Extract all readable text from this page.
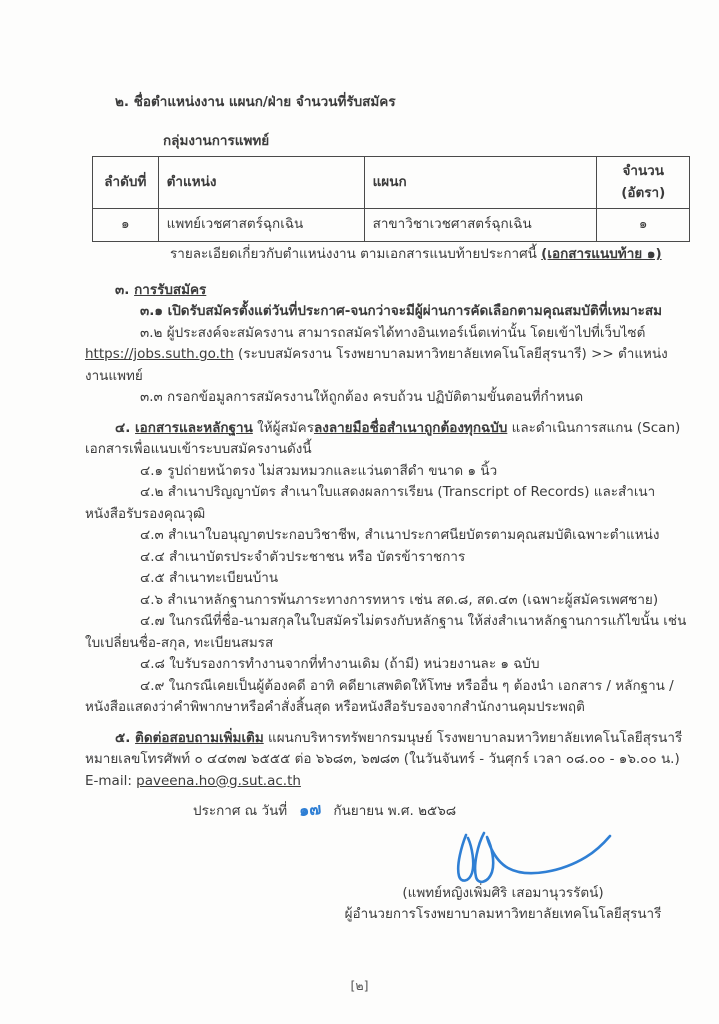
๒. ชื่อตำแหน่งงาน แผนก/ฝ่าย จำนวนที่รับสมัคร
กลุ่มงานการแพทย์
ลำดับที่	ตำแหน่ง	แผนก	จำนวน (อัตรา)
๑	แพทย์เวชศาสตร์ฉุกเฉิน	สาขาวิชาเวชศาสตร์ฉุกเฉิน	๑
รายละเอียดเกี่ยวกับตำแหน่งงาน ตามเอกสารแนบท้ายประกาศนี้ (เอกสารแนบท้าย ๑)
๓. การรับสมัคร
๓.๑ เปิดรับสมัครตั้งแต่วันที่ประกาศ-จนกว่าจะมีผู้ผ่านการคัดเลือกตามคุณสมบัติที่เหมาะสม
๓.๒ ผู้ประสงค์จะสมัครงาน สามารถสมัครได้ทางอินเทอร์เน็ตเท่านั้น โดยเข้าไปที่เว็บไซต์ https://jobs.suth.go.th (ระบบสมัครงาน โรงพยาบาลมหาวิทยาลัยเทคโนโลยีสุรนารี) >> ตำแหน่งงานแพทย์
๓.๓ กรอกข้อมูลการสมัครงานให้ถูกต้อง ครบถ้วน ปฏิบัติตามขั้นตอนที่กำหนด
๔. เอกสารและหลักฐาน ให้ผู้สมัครลงลายมือชื่อสำเนาถูกต้องทุกฉบับ และดำเนินการสแกน (Scan) เอกสารเพื่อแนบเข้าระบบสมัครงานดังนี้
๔.๑ รูปถ่ายหน้าตรง ไม่สวมหมวกและแว่นตาสีดำ ขนาด ๑ นิ้ว
๔.๒ สำเนาปริญญาบัตร สำเนาใบแสดงผลการเรียน (Transcript of Records) และสำเนาหนังสือรับรองคุณวุฒิ
๔.๓ สำเนาใบอนุญาตประกอบวิชาชีพ, สำเนาประกาศนียบัตรตามคุณสมบัติเฉพาะตำแหน่ง
๔.๔ สำเนาบัตรประจำตัวประชาชน หรือ บัตรข้าราชการ
๔.๕ สำเนาทะเบียนบ้าน
๔.๖ สำเนาหลักฐานการพ้นภาระทางการทหาร เช่น สด.๘, สด.๔๓ (เฉพาะผู้สมัครเพศชาย)
๔.๗ ในกรณีที่ชื่อ-นามสกุลในใบสมัครไม่ตรงกับหลักฐาน ให้ส่งสำเนาหลักฐานการแก้ไขนั้น เช่น ใบเปลี่ยนชื่อ-สกุล, ทะเบียนสมรส
๔.๘ ใบรับรองการทำงานจากที่ทำงานเดิม (ถ้ามี) หน่วยงานละ ๑ ฉบับ
๔.๙ ในกรณีเคยเป็นผู้ต้องคดี อาทิ คดียาเสพติดให้โทษ หรืออื่น ๆ ต้องนำ เอกสาร / หลักฐาน / หนังสือแสดงว่าคำพิพากษาหรือคำสั่งสิ้นสุด หรือหนังสือรับรองจากสำนักงานคุมประพฤติ
๕. ติดต่อสอบถามเพิ่มเติม แผนกบริหารทรัพยากรมนุษย์ โรงพยาบาลมหาวิทยาลัยเทคโนโลยีสุรนารี
หมายเลขโทรศัพท์ ๐ ๔๔๓๗ ๖๕๕๕ ต่อ ๖๖๘๓, ๖๗๘๓ (ในวันจันทร์ - วันศุกร์ เวลา ๐๘.๐๐ - ๑๖.๐๐ น.)
E-mail: paveena.ho@g.sut.ac.th
ประกาศ ณ วันที่ ๑๗ กันยายน พ.ศ. ๒๕๖๘
(แพทย์หญิงเพิ่มศิริ เสอมานุวรรัตน์)
ผู้อำนวยการโรงพยาบาลมหาวิทยาลัยเทคโนโลยีสุรนารี
[๒]
